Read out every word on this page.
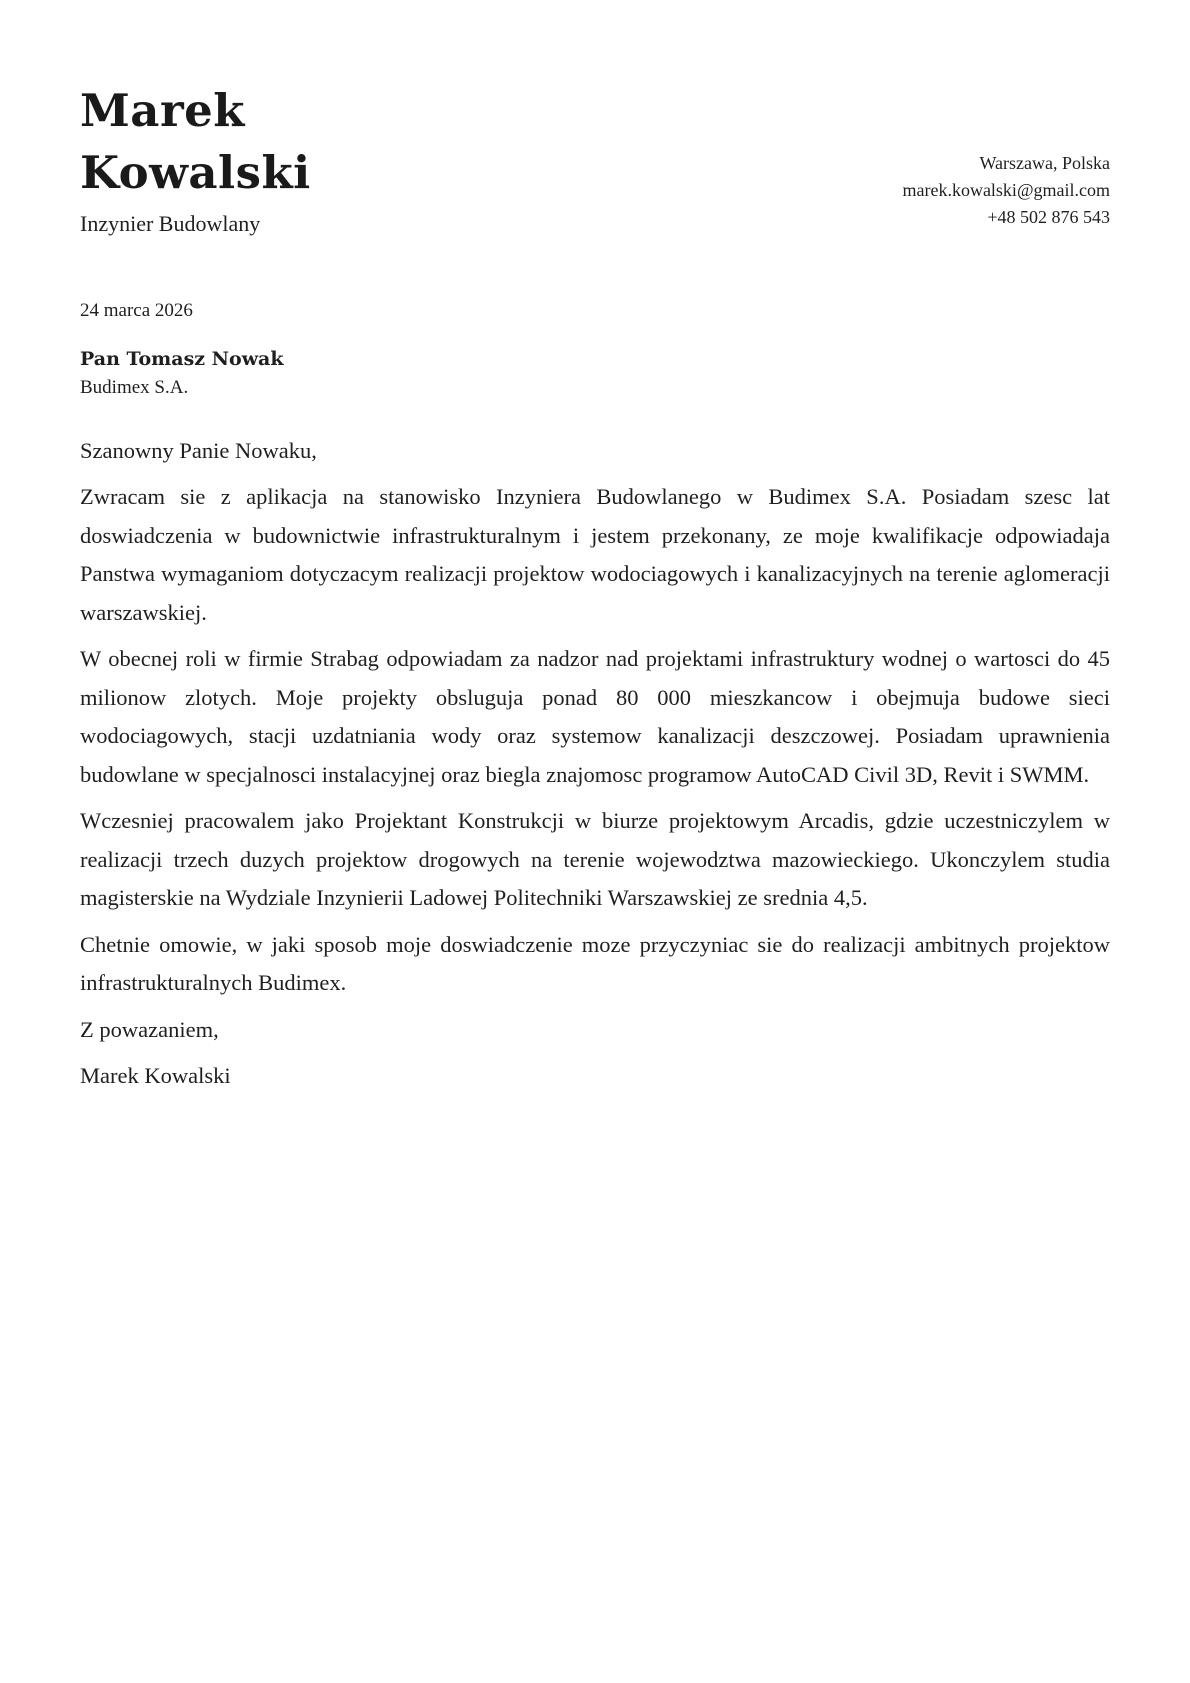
Marek
Kowalski
Inzynier Budowlany
Warszawa, Polska
marek.kowalski@gmail.com
+48 502 876 543
24 marca 2026
Pan Tomasz Nowak
Budimex S.A.
Szanowny Panie Nowaku,
Zwracam sie z aplikacja na stanowisko Inzyniera Budowlanego w Budimex S.A. Posiadam szesc lat doswiadczenia w budownictwie infrastrukturalnym i jestem przekonany, ze moje kwalifikacje odpowiadaja Panstwa wymaganiom dotyczacym realizacji projektow wodociagowych i kanalizacyjnych na terenie aglomeracji warszawskiej.
W obecnej roli w firmie Strabag odpowiadam za nadzor nad projektami infrastruktury wodnej o wartosci do 45 milionow zlotych. Moje projekty obsluguja ponad 80 000 mieszkancow i obejmuja budowe sieci wodociagowych, stacji uzdatniania wody oraz systemow kanalizacji deszczowej. Posiadam uprawnienia budowlane w specjalnosci instalacyjnej oraz biegla znajomosc programow AutoCAD Civil 3D, Revit i SWMM.
Wczesniej pracowalem jako Projektant Konstrukcji w biurze projektowym Arcadis, gdzie uczestniczylem w realizacji trzech duzych projektow drogowych na terenie wojewodztwa mazowieckiego. Ukonczylem studia magisterskie na Wydziale Inzynierii Ladowej Politechniki Warszawskiej ze srednia 4,5.
Chetnie omowie, w jaki sposob moje doswiadczenie moze przyczyniac sie do realizacji ambitnych projektow infrastrukturalnych Budimex.
Z powazaniem,
Marek Kowalski
